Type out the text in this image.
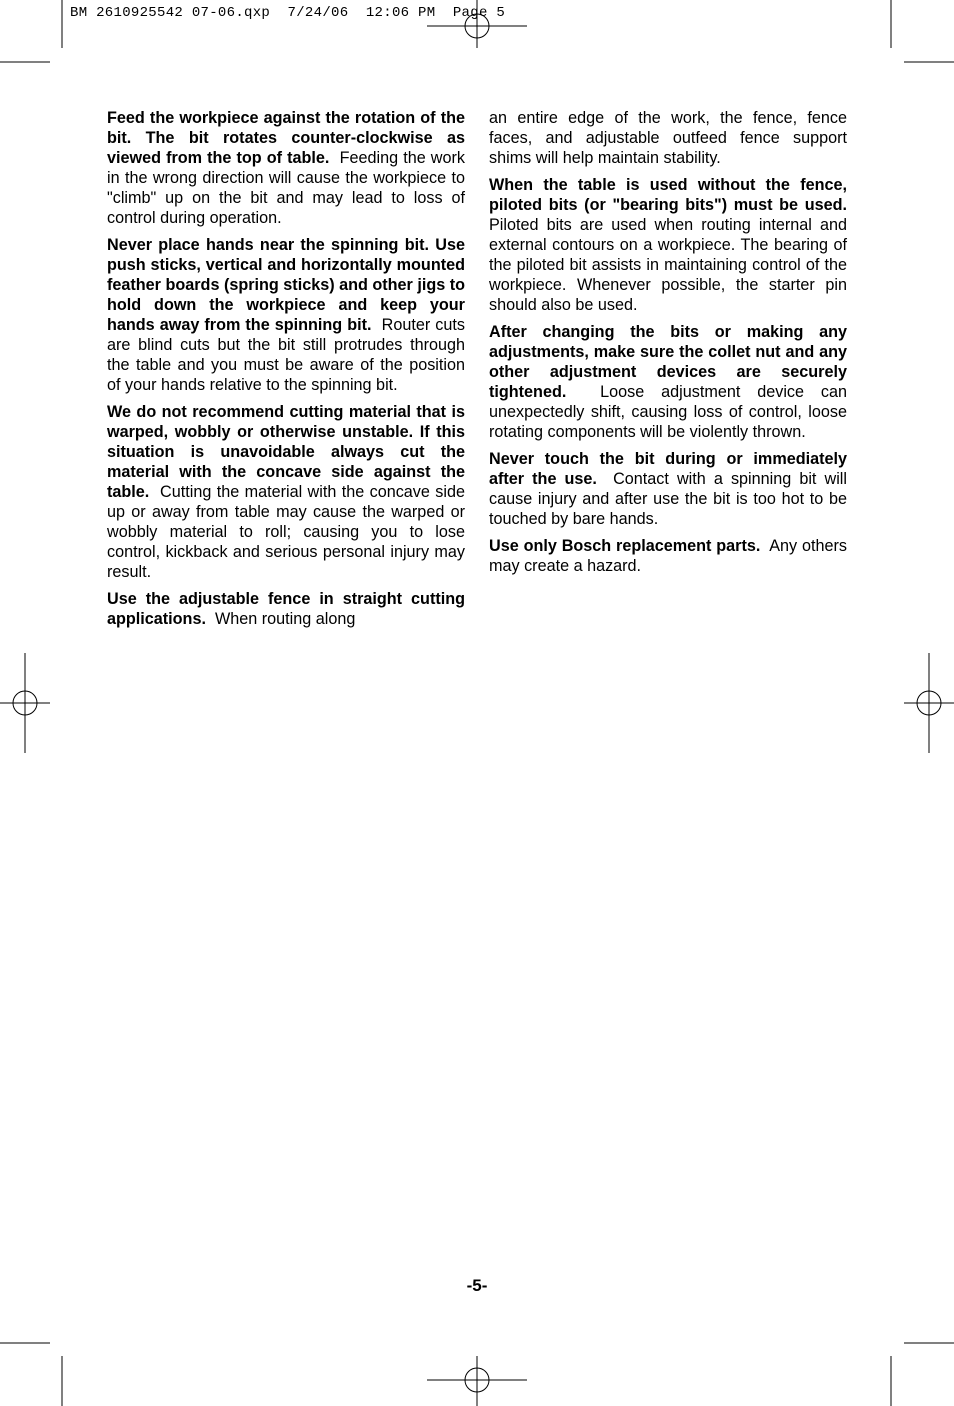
BM 2610925542 07-06.qxp  7/24/06  12:06 PM  Page 5

Feed the workpiece against the rotation of the bit. The bit rotates counter-clockwise as viewed from the top of table. Feeding the work in the wrong direction will cause the workpiece to "climb" up on the bit and may lead to loss of control during operation.

Never place hands near the spinning bit. Use push sticks, vertical and horizontally mounted feather boards (spring sticks) and other jigs to hold down the workpiece and keep your hands away from the spinning bit. Router cuts are blind cuts but the bit still protrudes through the table and you must be aware of the position of your hands relative to the spinning bit.

We do not recommend cutting material that is warped, wobbly or otherwise unstable. If this situation is unavoidable always cut the material with the concave side against the table. Cutting the material with the concave side up or away from table may cause the warped or wobbly material to roll; causing you to lose control, kickback and serious personal injury may result.

Use the adjustable fence in straight cutting applications. When routing along

an entire edge of the work, the fence, fence faces, and adjustable outfeed fence support shims will help maintain stability.

When the table is used without the fence, piloted bits (or "bearing bits") must be used. Piloted bits are used when routing internal and external contours on a workpiece. The bearing of the piloted bit assists in maintaining control of the workpiece. Whenever possible, the starter pin should also be used.

After changing the bits or making any adjustments, make sure the collet nut and any other adjustment devices are securely tightened. Loose adjustment device can unexpectedly shift, causing loss of control, loose rotating components will be violently thrown.

Never touch the bit during or immediately after the use. Contact with a spinning bit will cause injury and after use the bit is too hot to be touched by bare hands.

Use only Bosch replacement parts. Any others may create a hazard.

-5-
